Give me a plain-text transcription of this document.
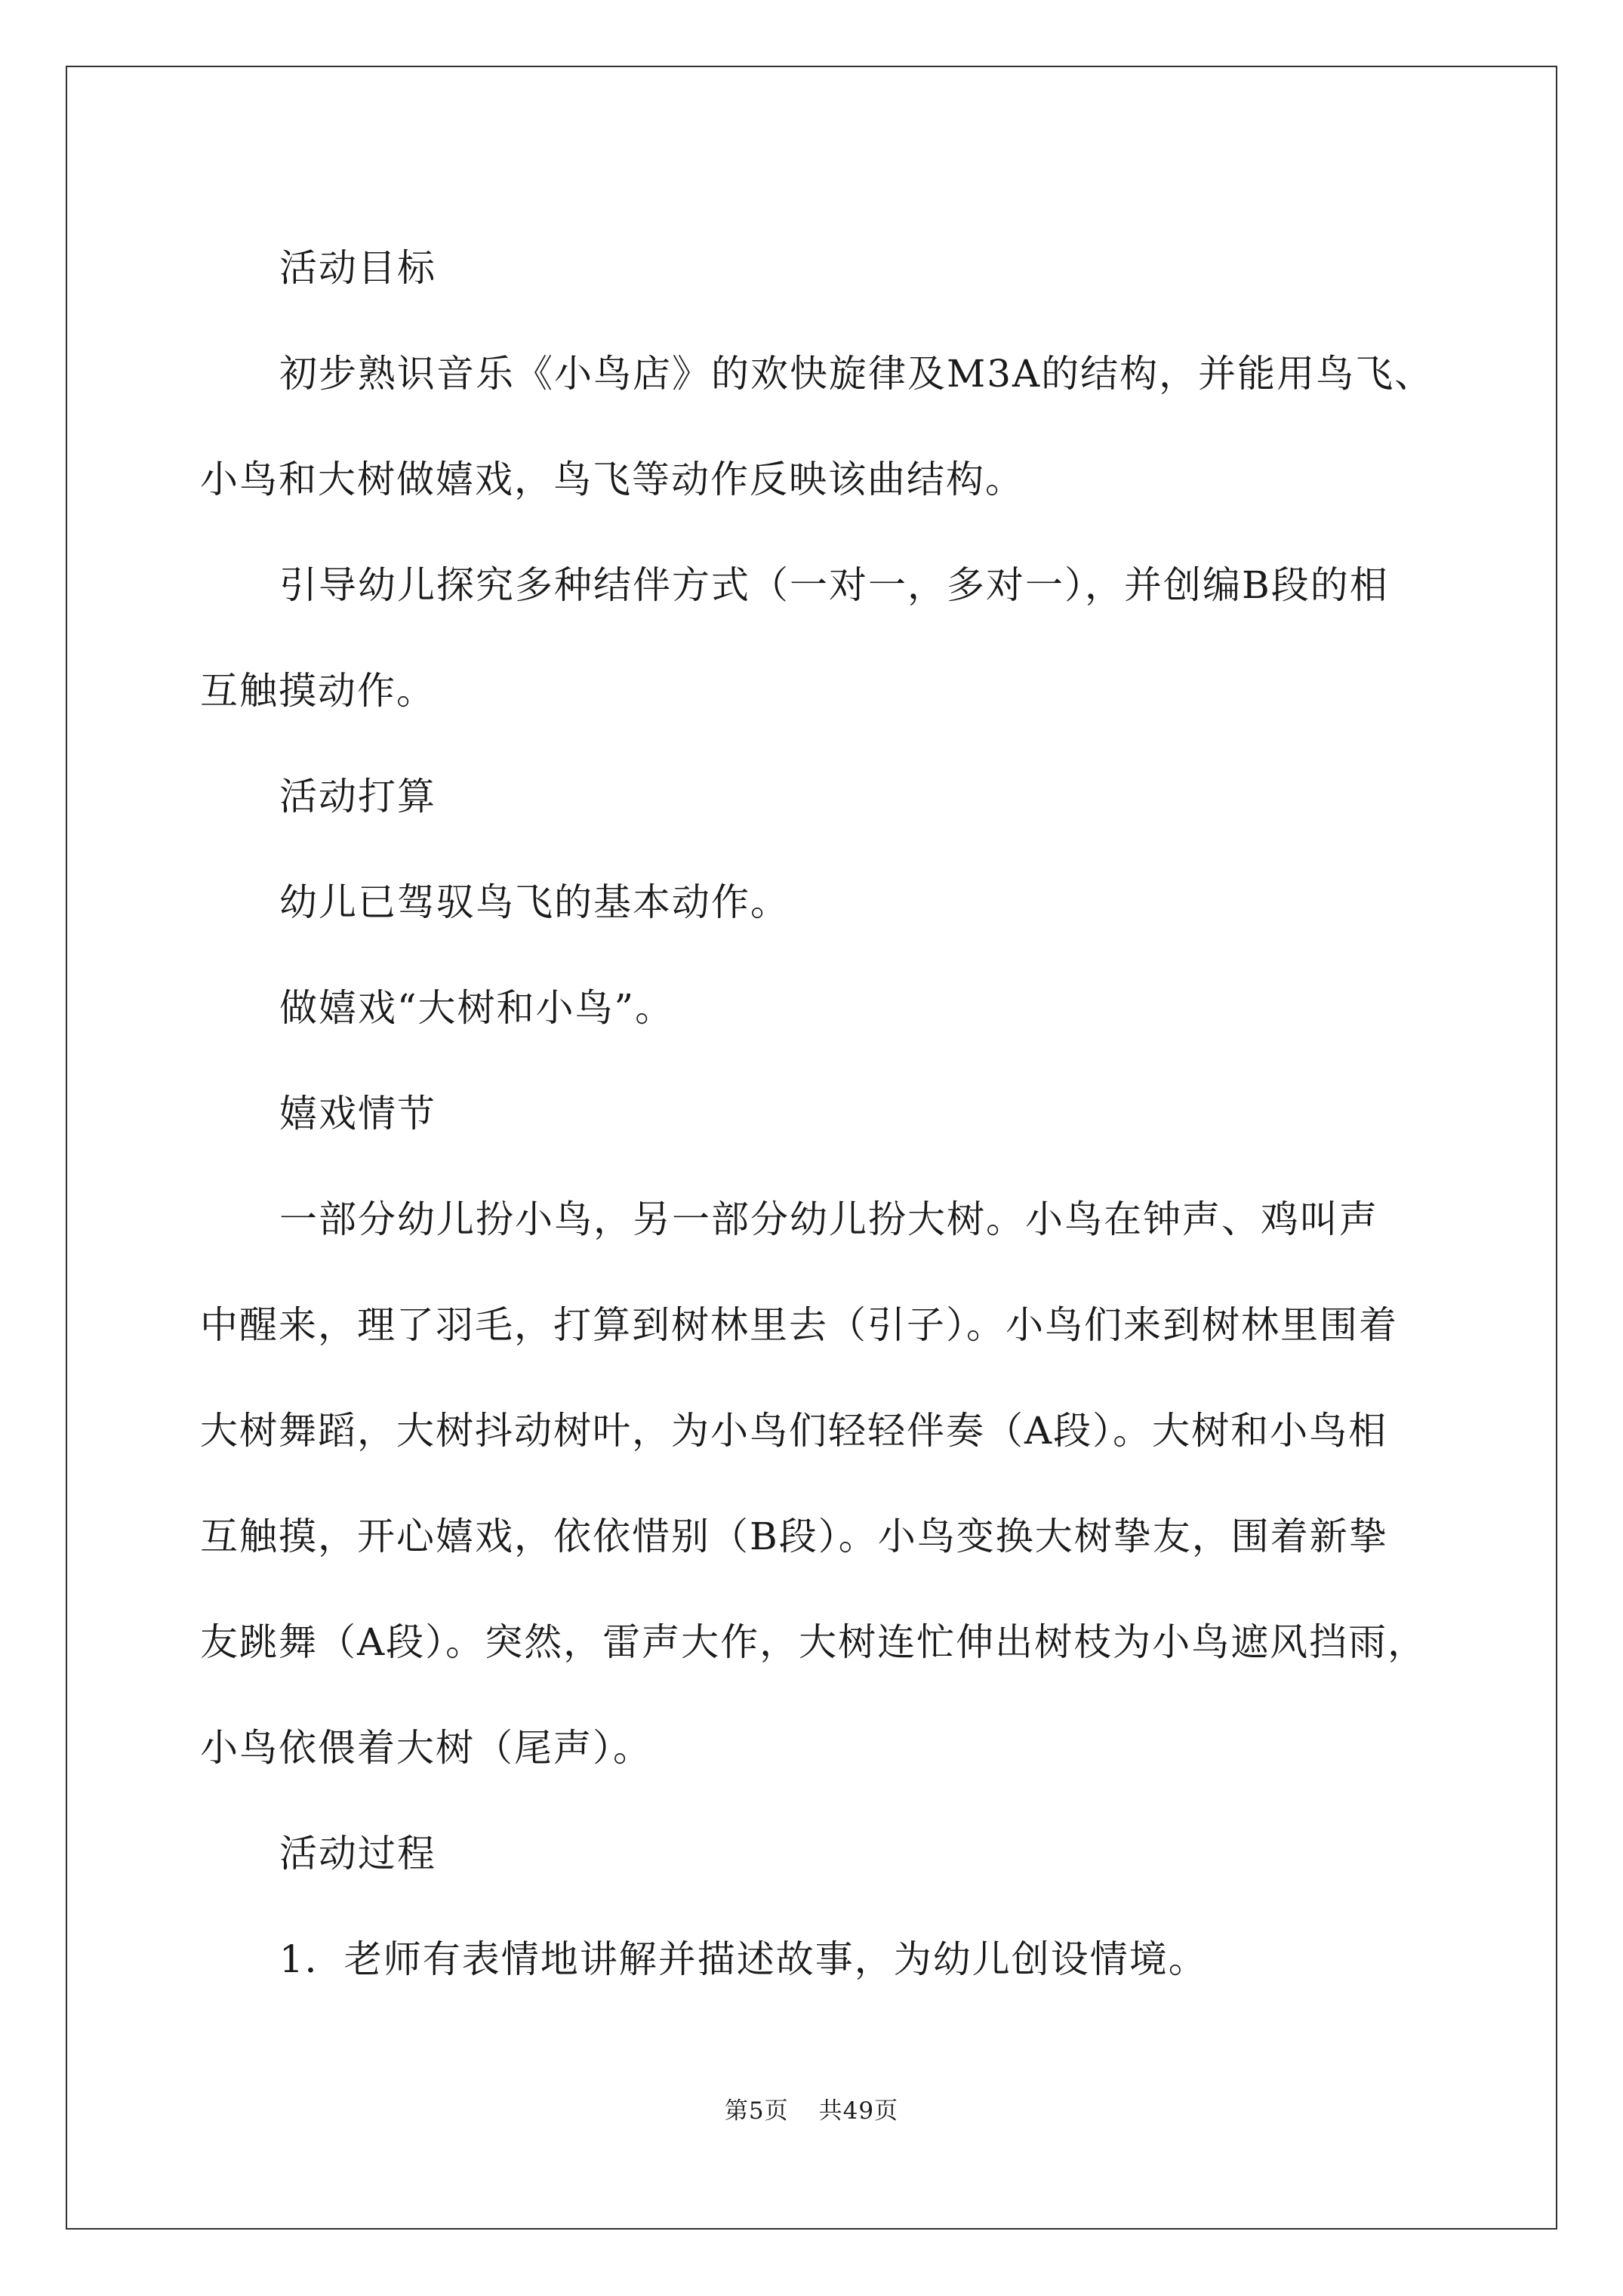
活动目标

初步熟识音乐《小鸟店》的欢快旋律及M3A的结构，并能用鸟飞、

小鸟和大树做嬉戏，鸟飞等动作反映该曲结构。

引导幼儿探究多种结伴方式（一对一，多对一），并创编B段的相

互触摸动作。

活动打算

幼儿已驾驭鸟飞的基本动作。

做嬉戏“大树和小鸟”。

嬉戏情节

一部分幼儿扮小鸟，另一部分幼儿扮大树。小鸟在钟声、鸡叫声

中醒来，理了羽毛，打算到树林里去（引子）。小鸟们来到树林里围着

大树舞蹈，大树抖动树叶，为小鸟们轻轻伴奏（A段）。大树和小鸟相

互触摸，开心嬉戏，依依惜别（B段）。小鸟变换大树挚友，围着新挚

友跳舞（A段）。突然，雷声大作，大树连忙伸出树枝为小鸟遮风挡雨，

小鸟依偎着大树（尾声）。

活动过程

1．老师有表情地讲解并描述故事，为幼儿创设情境。

第5页 共49页
